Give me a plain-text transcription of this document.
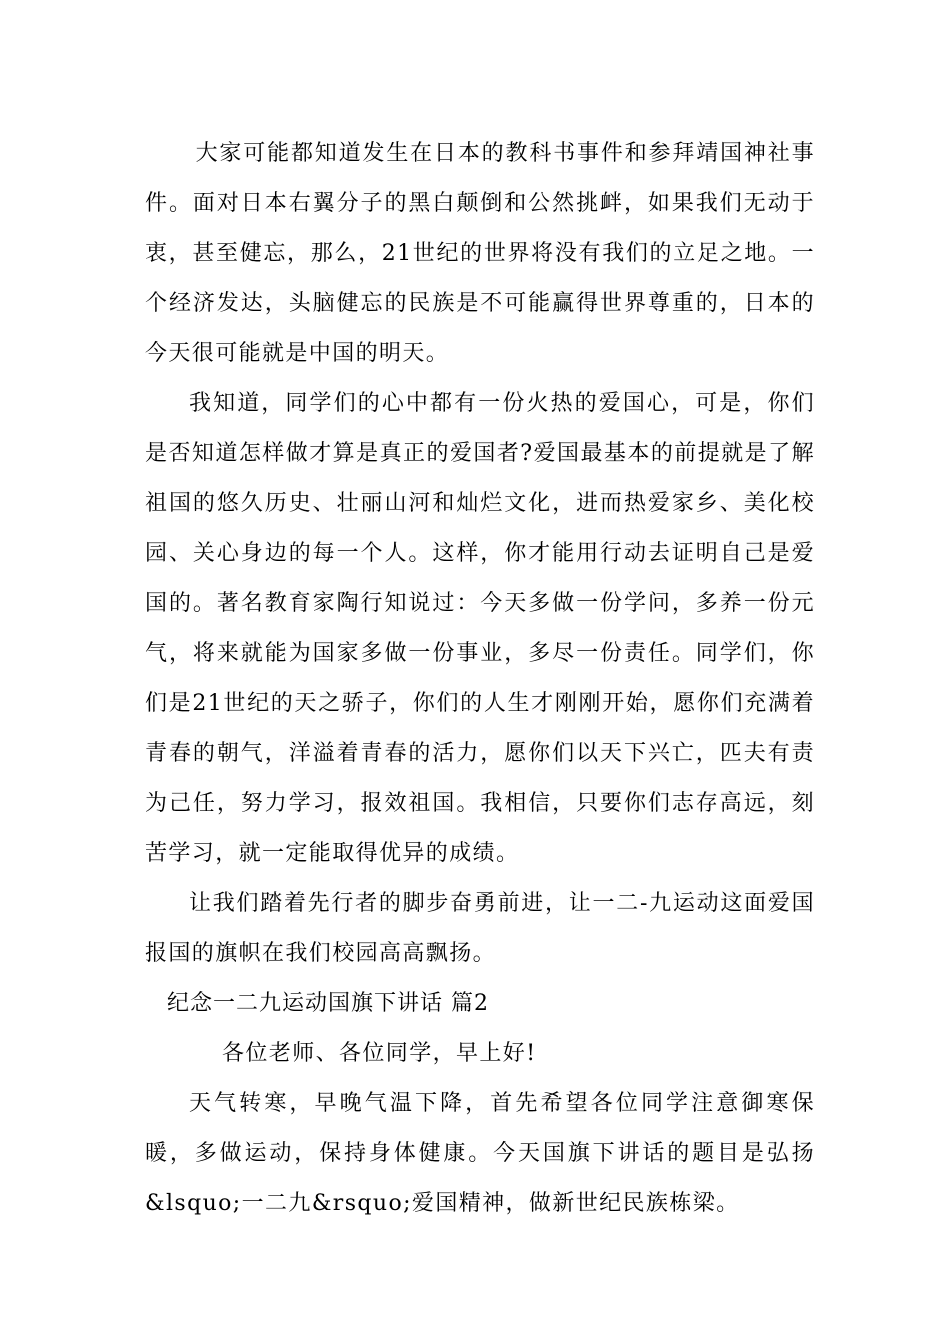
大家可能都知道发生在日本的教科书事件和参拜靖国神社事件。面对日本右翼分子的黑白颠倒和公然挑衅，如果我们无动于衷，甚至健忘，那么，21世纪的世界将没有我们的立足之地。一个经济发达，头脑健忘的民族是不可能赢得世界尊重的，日本的今天很可能就是中国的明天。

我知道，同学们的心中都有一份火热的爱国心，可是，你们是否知道怎样做才算是真正的爱国者?爱国最基本的前提就是了解祖国的悠久历史、壮丽山河和灿烂文化，进而热爱家乡、美化校园、关心身边的每一个人。这样，你才能用行动去证明自己是爱国的。著名教育家陶行知说过：今天多做一份学问，多养一份元气，将来就能为国家多做一份事业，多尽一份责任。同学们，你们是21世纪的天之骄子，你们的人生才刚刚开始，愿你们充满着青春的朝气，洋溢着青春的活力，愿你们以天下兴亡，匹夫有责为己任，努力学习，报效祖国。我相信，只要你们志存高远，刻苦学习，就一定能取得优异的成绩。

让我们踏着先行者的脚步奋勇前进，让一二-九运动这面爱国报国的旗帜在我们校园高高飘扬。

纪念一二九运动国旗下讲话 篇2

各位老师、各位同学，早上好!

天气转寒，早晚气温下降，首先希望各位同学注意御寒保暖，多做运动，保持身体健康。今天国旗下讲话的题目是弘扬&lsquo;一二九&rsquo;爱国精神，做新世纪民族栋梁。
